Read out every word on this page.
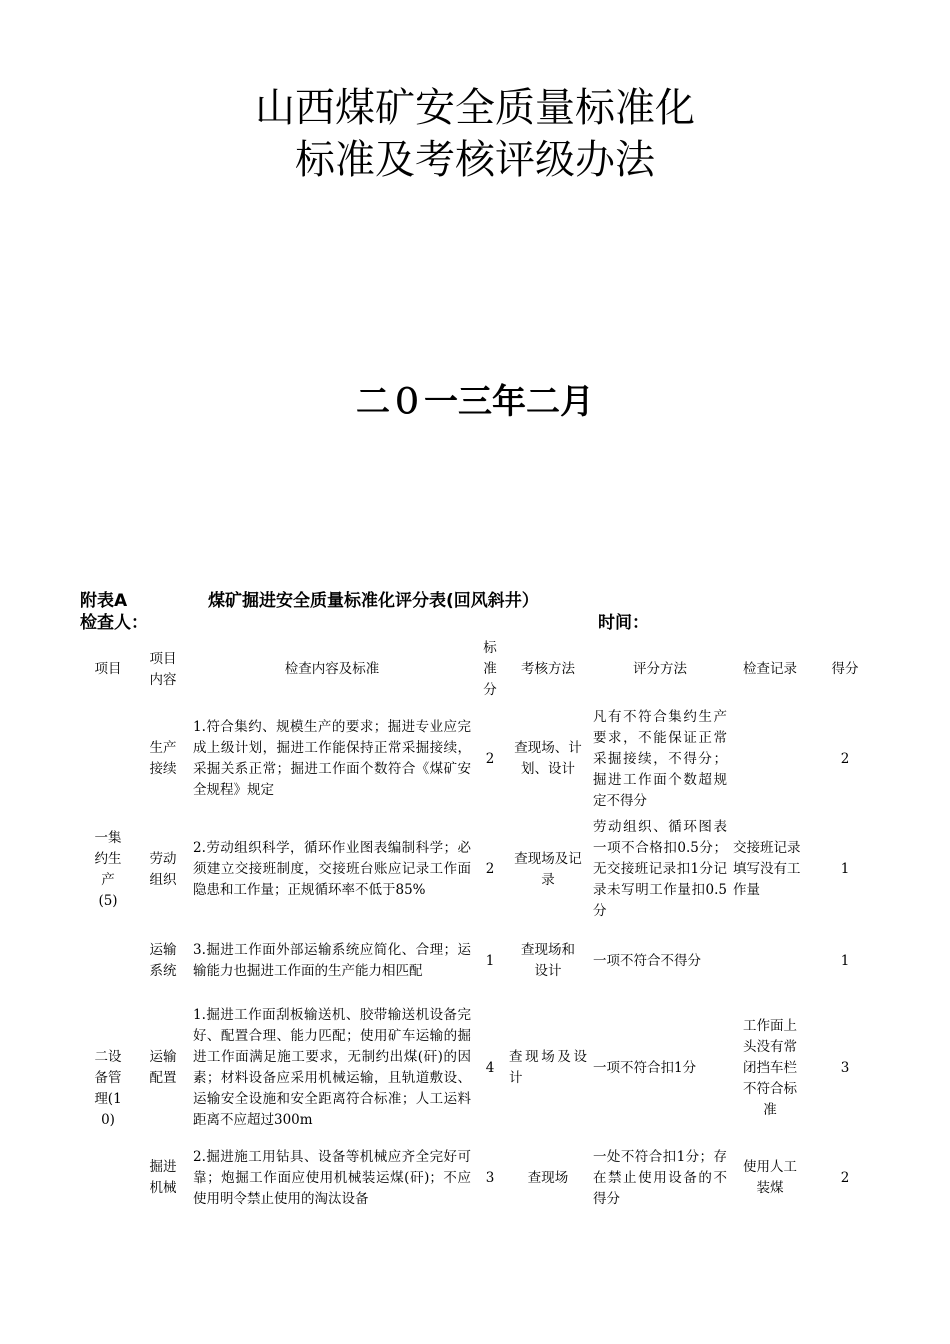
山西煤矿安全质量标准化
标准及考核评级办法
二０一三年二月
附表A	煤矿掘进安全质量标准化评分表(回风斜井）
检查人：	时间：
项目	项目内容	检查内容及标准	标准分	考核方法	评分方法	检查记录	得分

一集约生产(5)	生产接续	1.符合集约、规模生产的要求；掘进专业应完成上级计划，掘进工作能保持正常采掘接续，采掘关系正常；掘进工作面个数符合《煤矿安全规程》规定	2	查现场、计划、设计	凡有不符合集约生产要求，不能保证正常采掘接续，不得分；掘进工作面个数超规定不得分		2

	劳动组织	2.劳动组织科学，循环作业图表编制科学；必须建立交接班制度，交接班台账应记录工作面隐患和工作量；正规循环率不低于85%	2	查现场及记录	劳动组织、循环图表一项不合格扣0.5分；无交接班记录扣1分记录未写明工作量扣0.5分	交接班记录填写没有工作量	1

	运输系统	3.掘进工作面外部运输系统应简化、合理；运输能力也掘进工作面的生产能力相匹配	1	查现场和设计	一项不符合不得分		1

二设备管理(10)	运输配置	1.掘进工作面刮板输送机、胶带输送机设备完好、配置合理、能力匹配；使用矿车运输的掘进工作面满足施工要求，无制约出煤(矸)的因素；材料设备应采用机械运输，且轨道敷设、运输安全设施和安全距离符合标准；人工运料距离不应超过300m	4	查现场及设计	一项不符合扣1分	工作面上头没有常闭挡车栏不符合标准	3

	掘进机械	2.掘进施工用钻具、设备等机械应齐全完好可靠；炮掘工作面应使用机械装运煤(矸)；不应使用明令禁止使用的淘汰设备	3	查现场	一处不符合扣1分；存在禁止使用设备的不得分	使用人工装煤	2
